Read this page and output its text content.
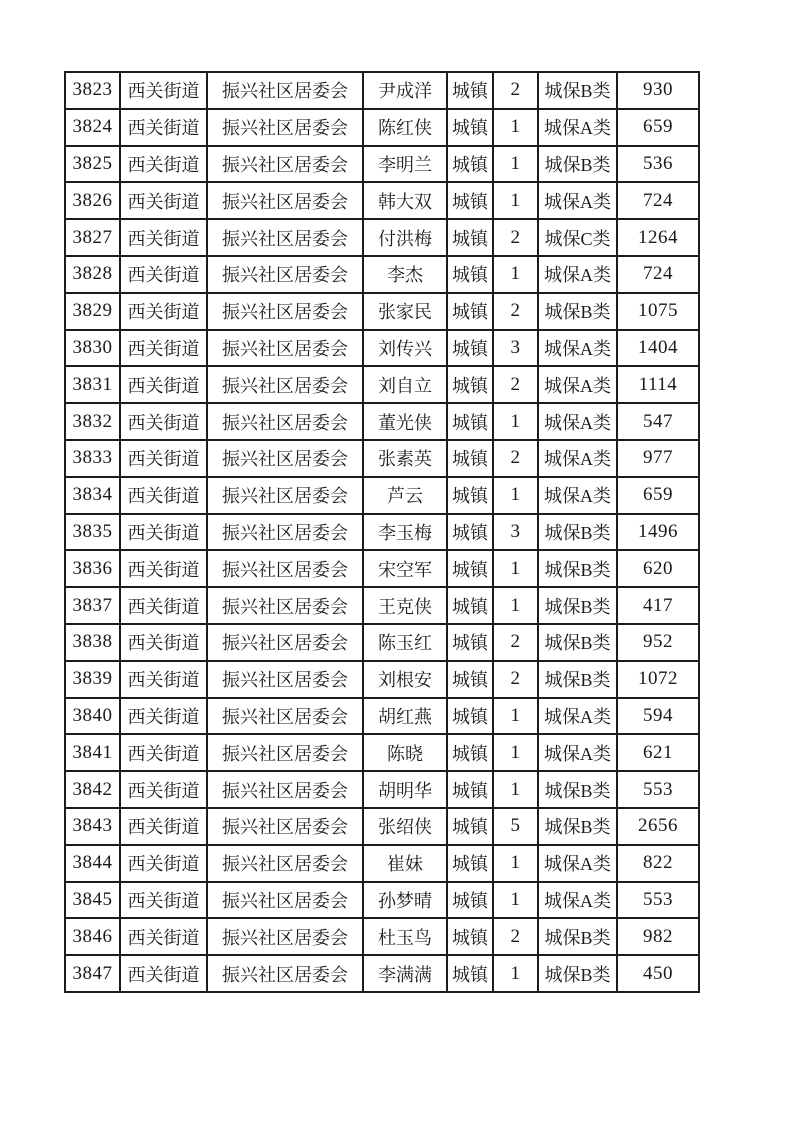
3823	西关街道	振兴社区居委会	尹成洋	城镇	2	城保B类	930
3824	西关街道	振兴社区居委会	陈红侠	城镇	1	城保A类	659
3825	西关街道	振兴社区居委会	李明兰	城镇	1	城保B类	536
3826	西关街道	振兴社区居委会	韩大双	城镇	1	城保A类	724
3827	西关街道	振兴社区居委会	付洪梅	城镇	2	城保C类	1264
3828	西关街道	振兴社区居委会	李杰	城镇	1	城保A类	724
3829	西关街道	振兴社区居委会	张家民	城镇	2	城保B类	1075
3830	西关街道	振兴社区居委会	刘传兴	城镇	3	城保A类	1404
3831	西关街道	振兴社区居委会	刘自立	城镇	2	城保A类	1114
3832	西关街道	振兴社区居委会	董光侠	城镇	1	城保A类	547
3833	西关街道	振兴社区居委会	张素英	城镇	2	城保A类	977
3834	西关街道	振兴社区居委会	芦云	城镇	1	城保A类	659
3835	西关街道	振兴社区居委会	李玉梅	城镇	3	城保B类	1496
3836	西关街道	振兴社区居委会	宋空军	城镇	1	城保B类	620
3837	西关街道	振兴社区居委会	王克侠	城镇	1	城保B类	417
3838	西关街道	振兴社区居委会	陈玉红	城镇	2	城保B类	952
3839	西关街道	振兴社区居委会	刘根安	城镇	2	城保B类	1072
3840	西关街道	振兴社区居委会	胡红燕	城镇	1	城保A类	594
3841	西关街道	振兴社区居委会	陈晓	城镇	1	城保A类	621
3842	西关街道	振兴社区居委会	胡明华	城镇	1	城保B类	553
3843	西关街道	振兴社区居委会	张绍侠	城镇	5	城保B类	2656
3844	西关街道	振兴社区居委会	崔妹	城镇	1	城保A类	822
3845	西关街道	振兴社区居委会	孙梦晴	城镇	1	城保A类	553
3846	西关街道	振兴社区居委会	杜玉鸟	城镇	2	城保B类	982
3847	西关街道	振兴社区居委会	李满满	城镇	1	城保B类	450
